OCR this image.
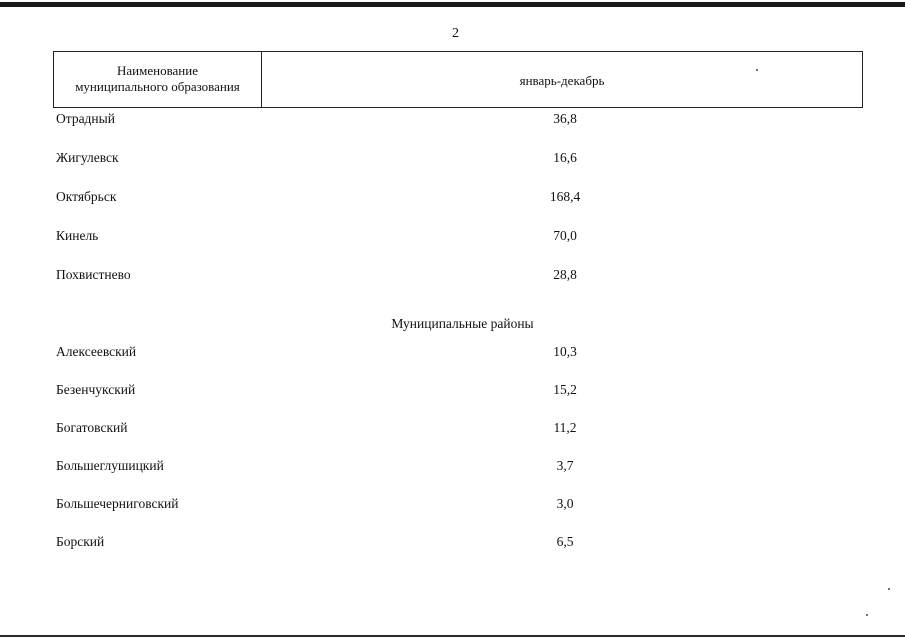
2
Наименование
муниципального образования	январь-декабрь
Отрадный	36,8
Жигулевск	16,6
Октябрьск	168,4
Кинель	70,0
Похвистнево	28,8
Муниципальные районы
Алексеевский	10,3
Безенчукский	15,2
Богатовский	11,2
Большеглушицкий	3,7
Большечерниговский	3,0
Борский	6,5
